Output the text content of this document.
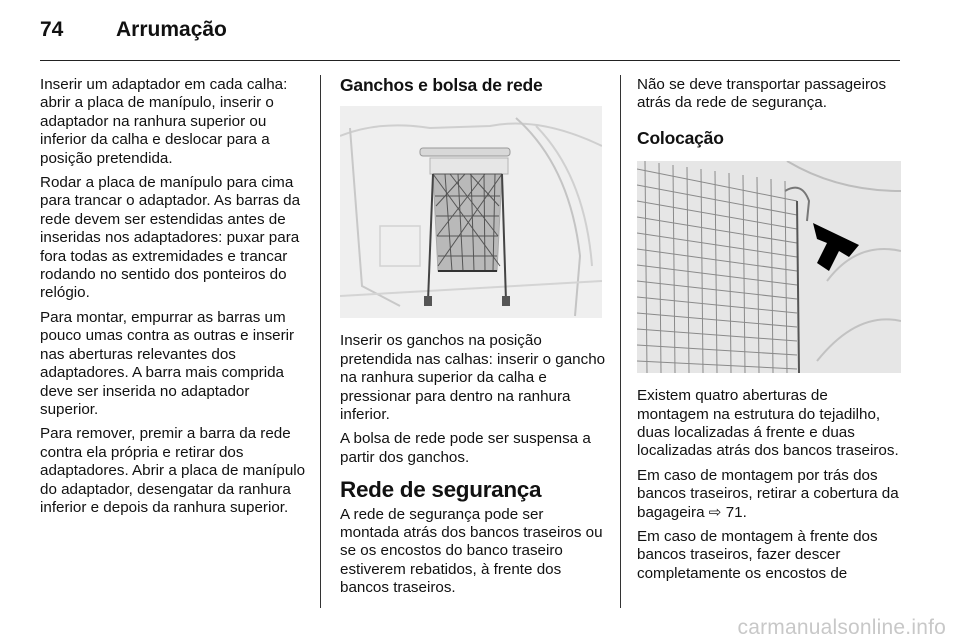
74	Arrumação

Inserir um adaptador em cada calha: abrir a placa de manípulo, inserir o adaptador na ranhura superior ou inferior da calha e deslocar para a posição pretendida.

Rodar a placa de manípulo para cima para trancar o adaptador. As barras da rede devem ser estendidas antes de inseridas nos adaptadores: puxar para fora todas as extremidades e trancar rodando no sentido dos ponteiros do relógio.

Para montar, empurrar as barras um pouco umas contra as outras e inserir nas aberturas relevantes dos adaptadores. A barra mais comprida deve ser inserida no adaptador superior.

Para remover, premir a barra da rede contra ela própria e retirar dos adaptadores. Abrir a placa de manípulo do adaptador, desengatar da ranhura inferior e depois da ranhura superior.

Ganchos e bolsa de rede

Inserir os ganchos na posição pretendida nas calhas: inserir o gancho na ranhura superior da calha e pressionar para dentro na ranhura inferior.

A bolsa de rede pode ser suspensa a partir dos ganchos.

Rede de segurança

A rede de segurança pode ser montada atrás dos bancos traseiros ou se os encostos do banco traseiro estiverem rebatidos, à frente dos bancos traseiros.

Não se deve transportar passageiros atrás da rede de segurança.

Colocação

Existem quatro aberturas de montagem na estrutura do tejadilho, duas localizadas á frente e duas localizadas atrás dos bancos traseiros.

Em caso de montagem por trás dos bancos traseiros, retirar a cobertura da bagageira ⇨ 71.

Em caso de montagem à frente dos bancos traseiros, fazer descer completamente os encostos de

carmanualsonline.info
